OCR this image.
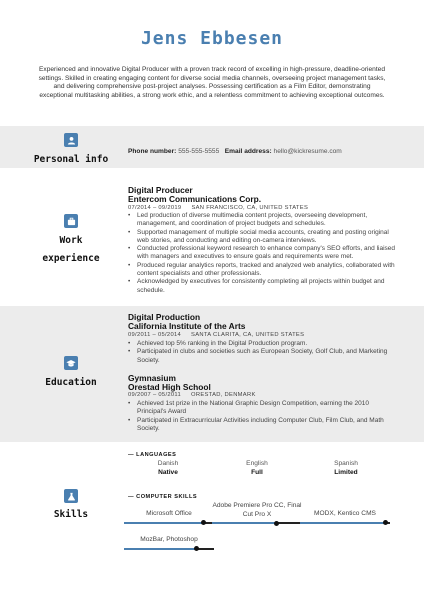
Jens Ebbesen
Experienced and innovative Digital Producer with a proven track record of excelling in high-pressure, deadline-oriented settings. Skilled in creating engaging content for diverse social media channels, overseeing project management tasks, and delivering comprehensive post-project analyses. Possessing certification as a Film Editor, demonstrating exceptional multitasking abilities, a strong work ethic, and a relentless commitment to achieving exceptional outcomes.
Personal info
Phone number: 555-555-5555 Email address: hello@kickresume.com
Work
experience
Digital Producer
Entercom Communications Corp.
07/2014 – 09/2019 SAN FRANCISCO, CA, UNITED STATES
• Led production of diverse multimedia content projects, overseeing development, management, and coordination of project budgets and schedules.
• Supported management of multiple social media accounts, creating and posting original web stories, and conducting and editing on-camera interviews.
• Conducted professional keyword research to enhance company's SEO efforts, and liaised with managers and executives to ensure goals and requirements were met.
• Produced regular analytics reports, tracked and analyzed web analytics, collaborated with content specialists and other professionals.
• Acknowledged by executives for consistently completing all projects within budget and schedule.
Education
Digital Production
California Institute of the Arts
09/2011 – 05/2014 SANTA CLARITA, CA, UNITED STATES
• Achieved top 5% ranking in the Digital Production program.
• Participated in clubs and societies such as European Society, Golf Club, and Marketing Society.
Gymnasium
Orestad High School
09/2007 – 05/2011 ORESTAD, DENMARK
• Achieved 1st prize in the National Graphic Design Competition, earning the 2010 Principal's Award
• Participated in Extracurricular Activities including Computer Club, Film Club, and Math Society.
Skills
— LANGUAGES
Danish
Native
English
Full
Spanish
Limited
— COMPUTER SKILLS
Microsoft Office
Adobe Premiere Pro CC, Final Cut Pro X	MODX, Kentico CMS
MozBar, Photoshop
